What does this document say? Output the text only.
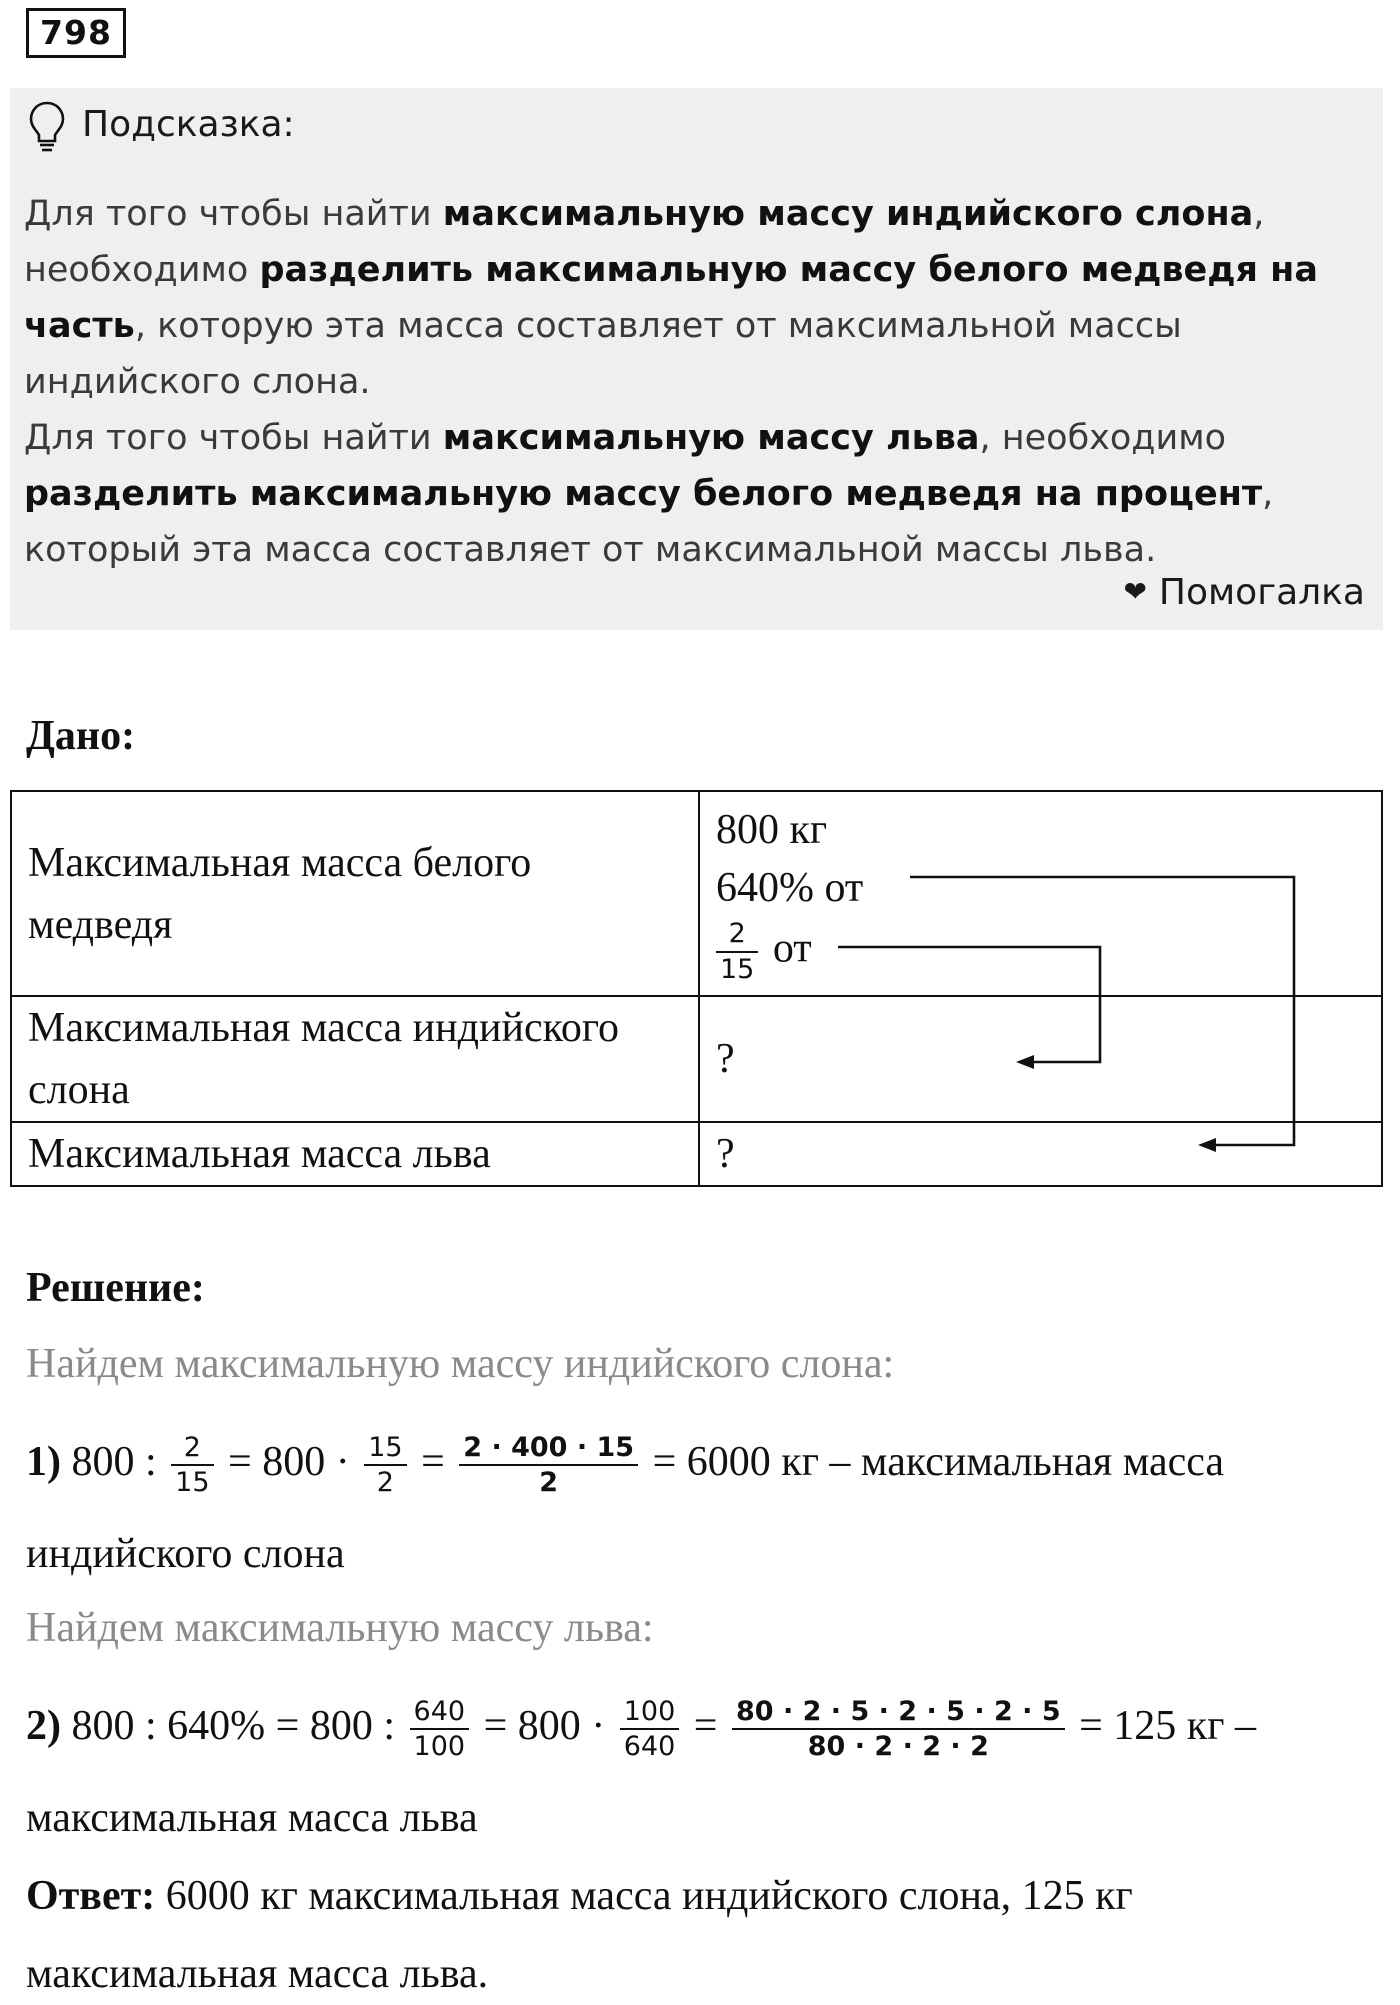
798
Подсказка:
Для того чтобы найти максимальную массу индийского слона, необходимо разделить максимальную массу белого медведя на часть, которую эта масса составляет от максимальной массы индийского слона.
Для того чтобы найти максимальную массу льва, необходимо разделить максимальную массу белого медведя на процент, который эта масса составляет от максимальной массы льва.
❤ Помогалка
Дано:
Максимальная масса белого медведя	800 кг
640% от
$\frac{2}{15}$ от

Максимальная масса индийского слона	?
Максимальная масса льва	?
Решение:
Найдем максимальную массу индийского слона:
1) 800 : $\frac{2}{15} = 800 \cdot \frac{15}{2} = \frac{2 \cdot 400 \cdot 15}{2} = 6000$ кг – максимальная масса
индийского слона
Найдем максимальную массу льва:
2) 800 : 640% = 800 : $\frac{640}{100} = 800 \cdot \frac{100}{640} = \frac{80 \cdot 2 \cdot 5 \cdot 2 \cdot 5 \cdot 2 \cdot 5}{80 \cdot 2 \cdot 2 \cdot 2} = 125$ кг –
максимальная масса льва
Ответ: 6000 кг максимальная масса индийского слона, 125 кг
максимальная масса льва.
